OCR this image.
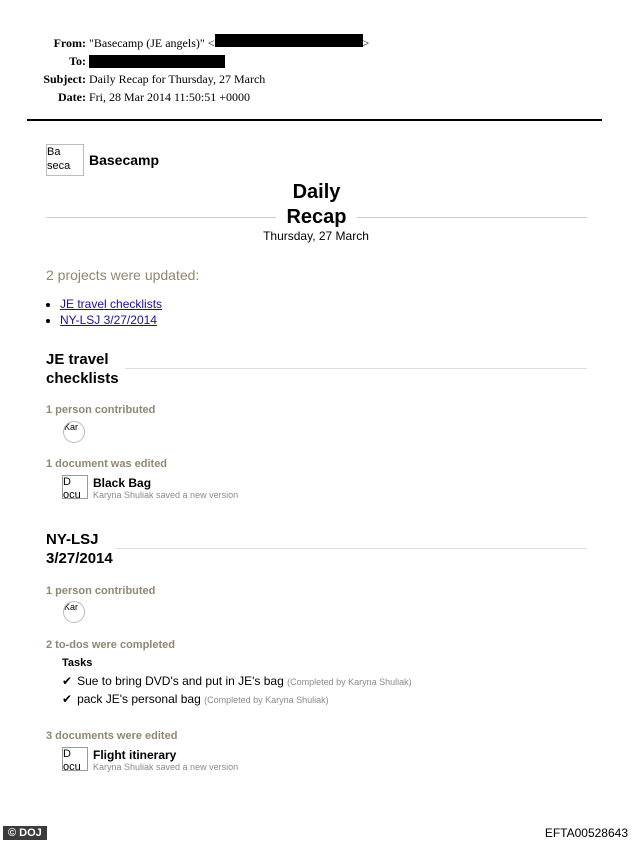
From: "Basecamp (JE angels)" <	>
To:
Subject: Daily Recap for Thursday, 27 March
Date: Fri, 28 Mar 2014 11:50:51 +0000
Ba seca	Basecamp
Daily Recap
Thursday, 27 March
2 projects were updated:
• JE travel checklists
• NY-LSJ 3/27/2014
JE travel checklists
1 person contributed
Kar
1 document was edited
D ocu
Black Bag
Karyna Shuliak saved a new version
NY-LSJ 3/27/2014
1 person contributed
Kar
2 to-dos were completed
Tasks
✔ Sue to bring DVD's and put in JE's bag (Completed by Karyna Shuliak)
✔ pack JE's personal bag (Completed by Karyna Shuliak)
3 documents were edited
D ocu
Flight itinerary
Karyna Shuliak saved a new version
© DOJ	EFTA00528643
